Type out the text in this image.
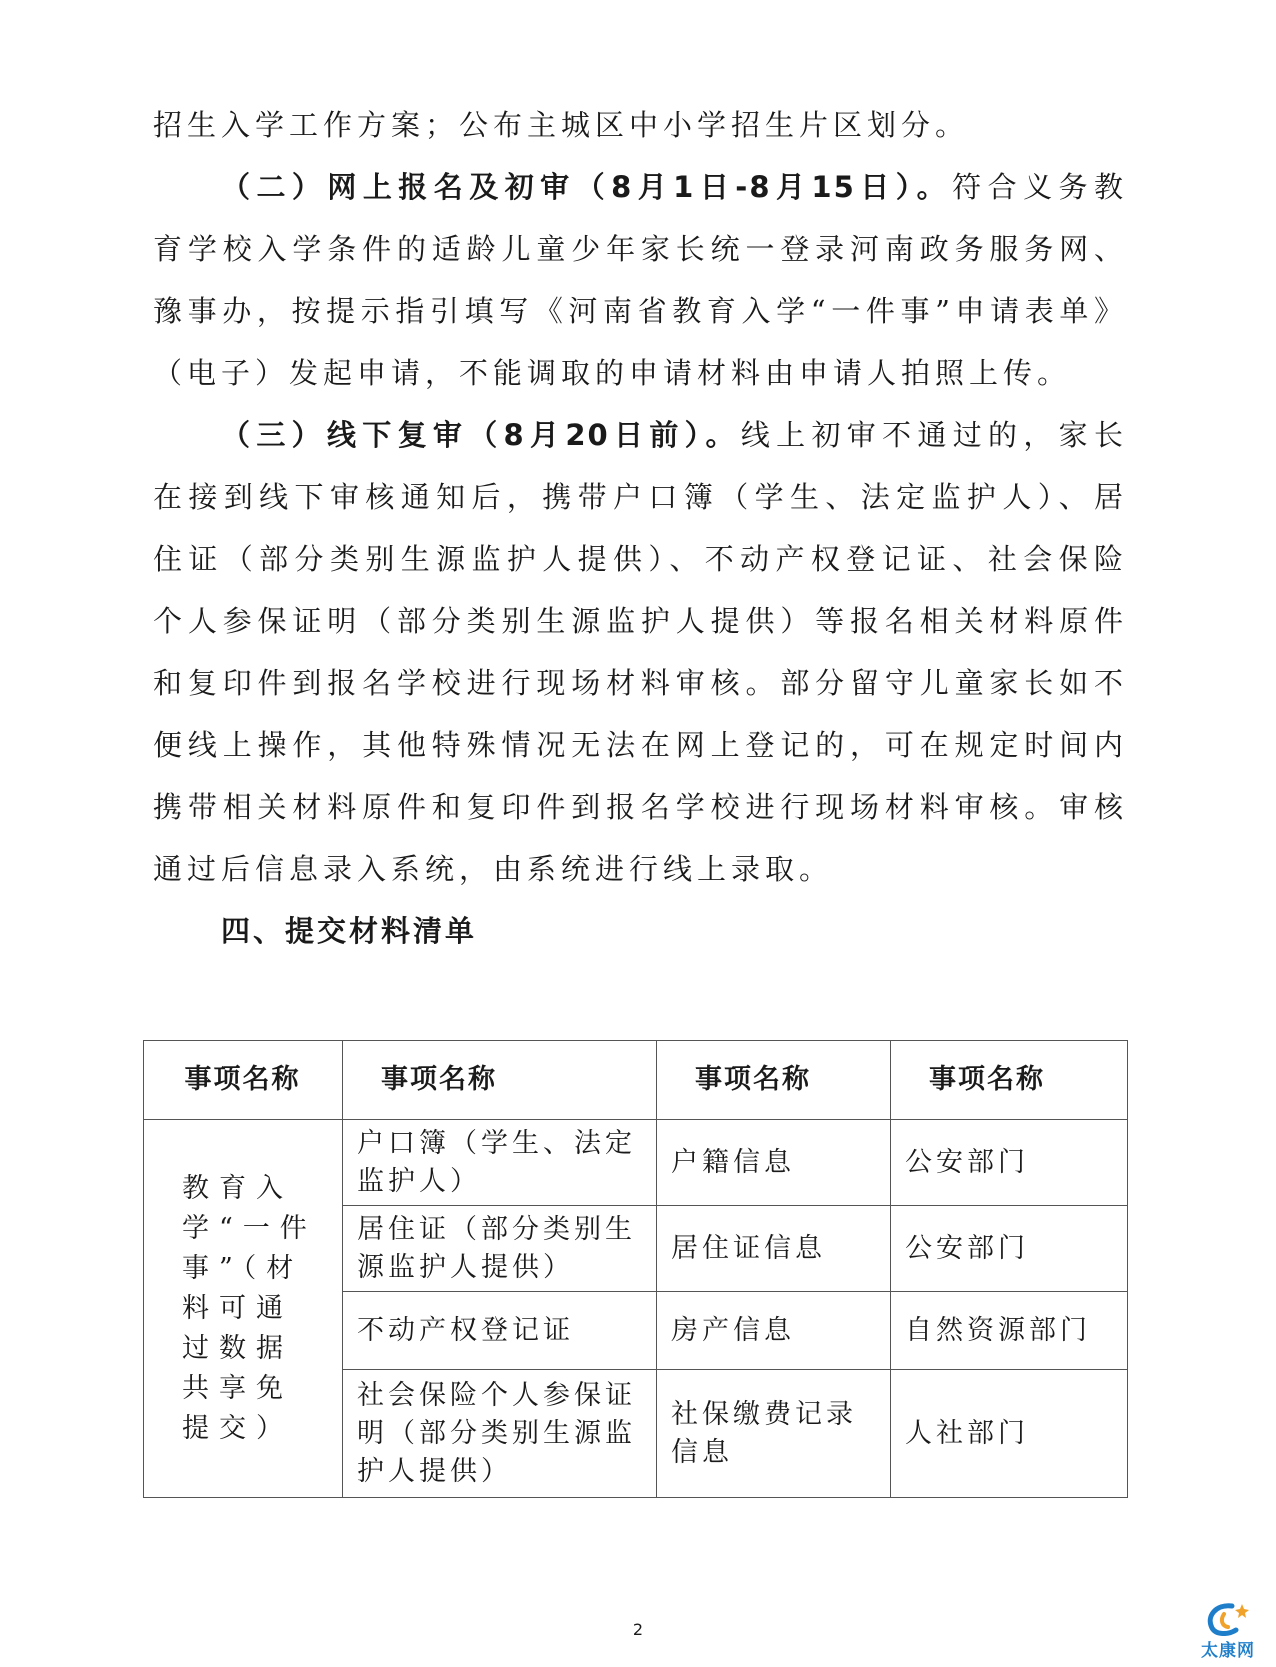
招生入学工作方案；公布主城区中小学招生片区划分。
（二）网上报名及初审（8月1日-8月15日）。符合义务教
育学校入学条件的适龄儿童少年家长统一登录河南政务服务网、
豫事办，按提示指引填写《河南省教育入学“一件事”申请表单》
（电子）发起申请，不能调取的申请材料由申请人拍照上传。
（三）线下复审（8月20日前）。线上初审不通过的，家长
在接到线下审核通知后，携带户口簿（学生、法定监护人）、居
住证（部分类别生源监护人提供）、不动产权登记证、社会保险
个人参保证明（部分类别生源监护人提供）等报名相关材料原件
和复印件到报名学校进行现场材料审核。部分留守儿童家长如不
便线上操作，其他特殊情况无法在网上登记的，可在规定时间内
携带相关材料原件和复印件到报名学校进行现场材料审核。审核
通过后信息录入系统，由系统进行线上录取。
四、提交材料清单
事项名称	事项名称	事项名称	事项名称
教育入学“一件事”（材料可通过数据共享免提交）	户口簿（学生、法定监护人）	户籍信息	公安部门
	居住证（部分类别生源监护人提供）	居住证信息	公安部门
	不动产权登记证	房产信息	自然资源部门
	社会保险个人参保证明（部分类别生源监护人提供）	社保缴费记录信息	人社部门
2
太康网
